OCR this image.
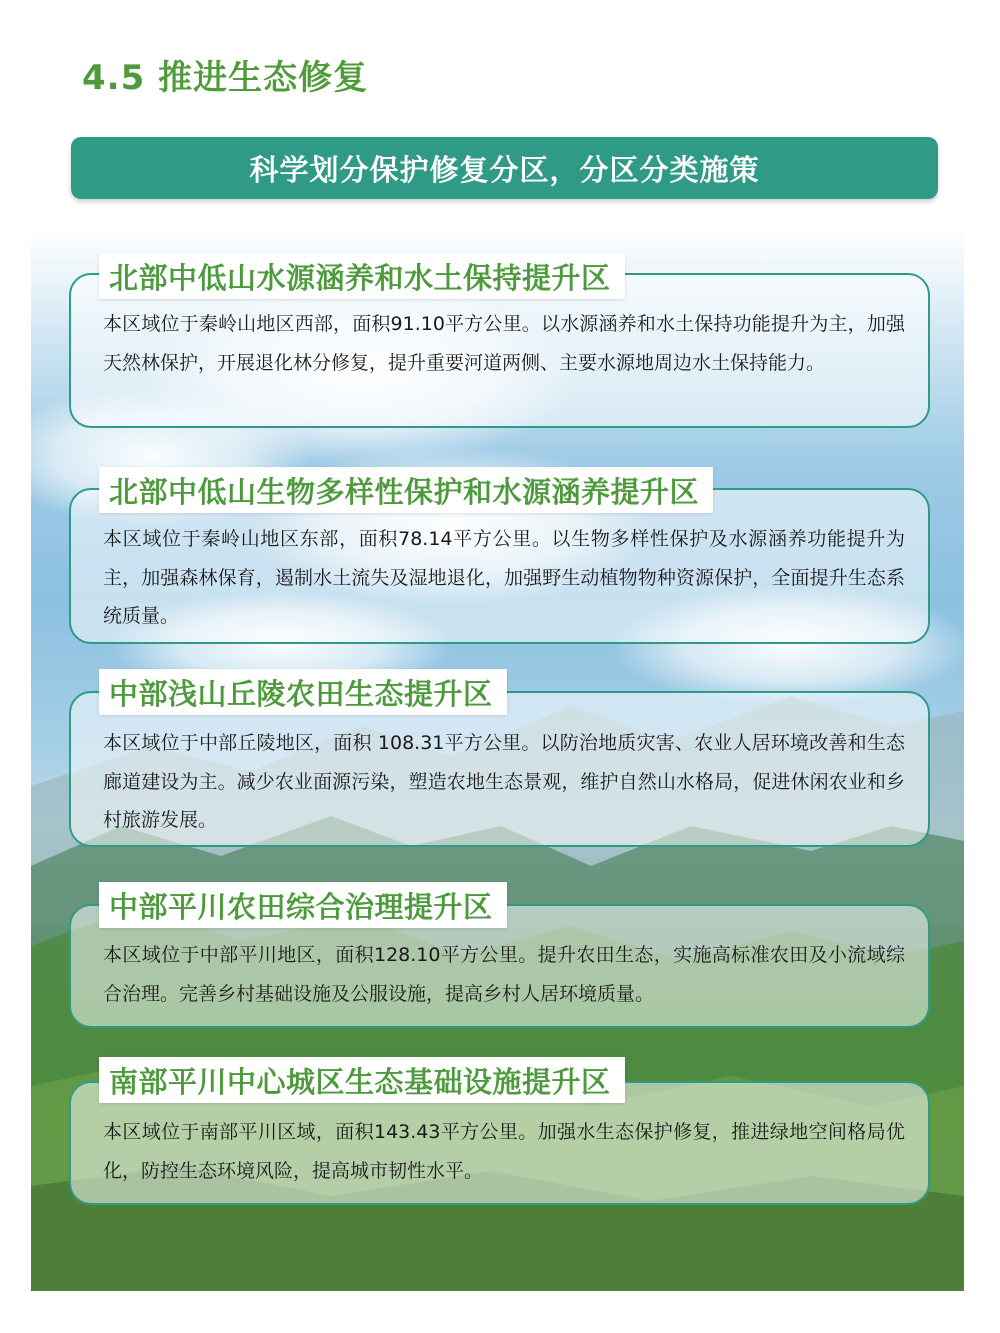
4.5 推进生态修复
科学划分保护修复分区，分区分类施策
北部中低山水源涵养和水土保持提升区
本区域位于秦岭山地区西部，面积91.10平方公里。以水源涵养和水土保持功能提升为主，加强天然林保护，开展退化林分修复，提升重要河道两侧、主要水源地周边水土保持能力。
北部中低山生物多样性保护和水源涵养提升区
本区域位于秦岭山地区东部，面积78.14平方公里。以生物多样性保护及水源涵养功能提升为主，加强森林保育，遏制水土流失及湿地退化，加强野生动植物物种资源保护，全面提升生态系统质量。
中部浅山丘陵农田生态提升区
本区域位于中部丘陵地区，面积 108.31平方公里。以防治地质灾害、农业人居环境改善和生态廊道建设为主。减少农业面源污染，塑造农地生态景观，维护自然山水格局，促进休闲农业和乡村旅游发展。
中部平川农田综合治理提升区
本区域位于中部平川地区，面积128.10平方公里。提升农田生态，实施高标准农田及小流域综合治理。完善乡村基础设施及公服设施，提高乡村人居环境质量。
南部平川中心城区生态基础设施提升区
本区域位于南部平川区域，面积143.43平方公里。加强水生态保护修复，推进绿地空间格局优化，防控生态环境风险，提高城市韧性水平。
